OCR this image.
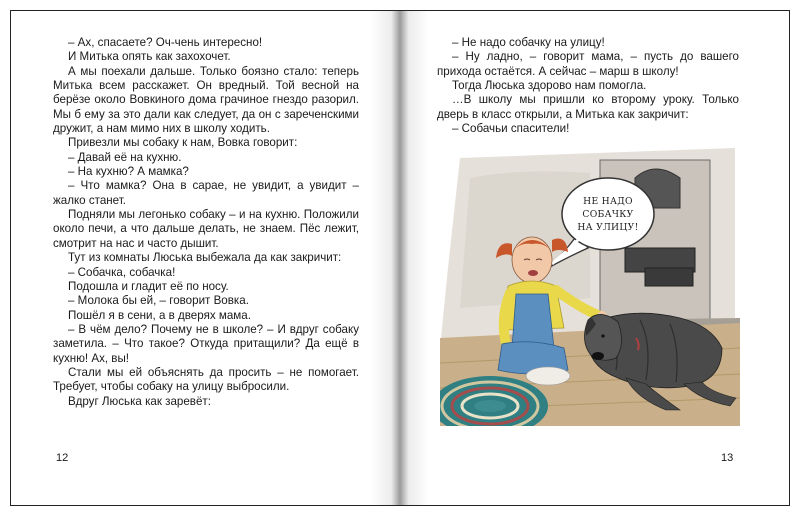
– Ах, спасаете? Оч-чень интересно!

И Митька опять как захохочет.

А мы поехали дальше. Только боязно стало: теперь Митька всем расскажет. Он вредный. Той весной на берёзе около Вовкиного дома грачиное гнездо разорил. Мы б ему за это дали как следует, да он с зареченскими дружит, а нам мимо них в школу ходить.

Привезли мы собаку к нам, Вовка говорит:

– Давай её на кухню.

– На кухню? А мамка?

– Что мамка? Она в сарае, не увидит, а увидит – жалко станет.

Подняли мы легонько собаку – и на кухню. Положили около печи, а что дальше делать, не знаем. Пёс лежит, смотрит на нас и часто дышит.

Тут из комнаты Люська выбежала да как закричит:

– Собачка, собачка!

Подошла и гладит её по носу.

– Молока бы ей, – говорит Вовка.

Пошёл я в сени, а в дверях мама.

– В чём дело? Почему не в школе? – И вдруг собаку заметила. – Что такое? Откуда притащили? Да ещё в кухню! Ах, вы!

Стали мы ей объяснять да просить – не помогает. Требует, чтобы собаку на улицу выбросили.

Вдруг Люська как заревёт:

12

– Не надо собачку на улицу!

– Ну ладно, – говорит мама, – пусть до вашего прихода остаётся. А сейчас – марш в школу!

Тогда Люська здорово нам помогла.

…В школу мы пришли ко второму уроку. Только дверь в класс открыли, а Митька как закричит:

– Собачьи спасители!

13
НЕ НАДО
СОБАЧКУ
НА УЛИЦУ!
